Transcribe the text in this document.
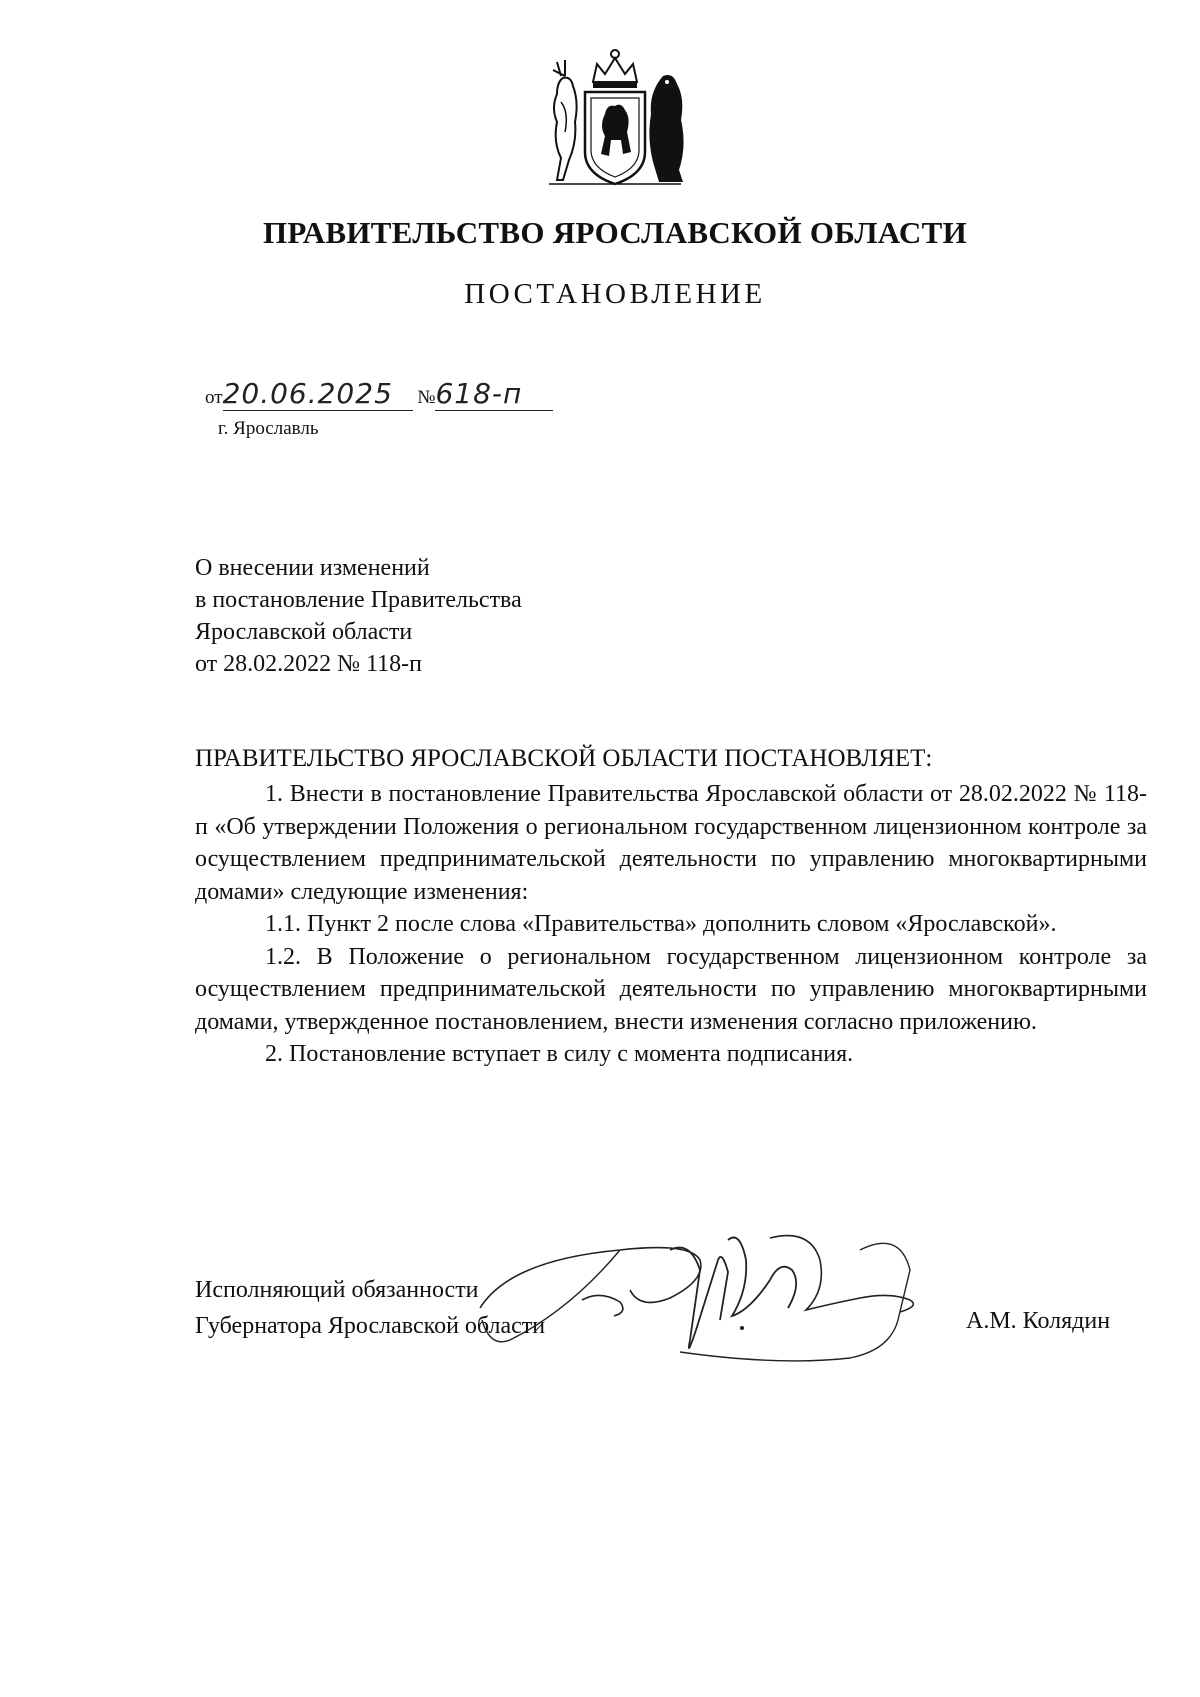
ПРАВИТЕЛЬСТВО ЯРОСЛАВСКОЙ ОБЛАСТИ
ПОСТАНОВЛЕНИЕ
от20.06.2025 №618-п
г. Ярославль
О внесении изменений
в постановление Правительства
Ярославской области
от 28.02.2022 № 118-п
ПРАВИТЕЛЬСТВО ЯРОСЛАВСКОЙ ОБЛАСТИ ПОСТАНОВЛЯЕТ:

1. Внести в постановление Правительства Ярославской области от 28.02.2022 № 118-п «Об утверждении Положения о региональном государственном лицензионном контроле за осуществлением предпринимательской деятельности по управлению многоквартирными домами» следующие изменения:

1.1. Пункт 2 после слова «Правительства» дополнить словом «Ярославской».

1.2. В Положение о региональном государственном лицензионном контроле за осуществлением предпринимательской деятельности по управлению многоквартирными домами, утвержденное постановлением, внести изменения согласно приложению.

2. Постановление вступает в силу с момента подписания.

Исполняющий обязанности
Губернатора Ярославской области	А.М. Колядин
